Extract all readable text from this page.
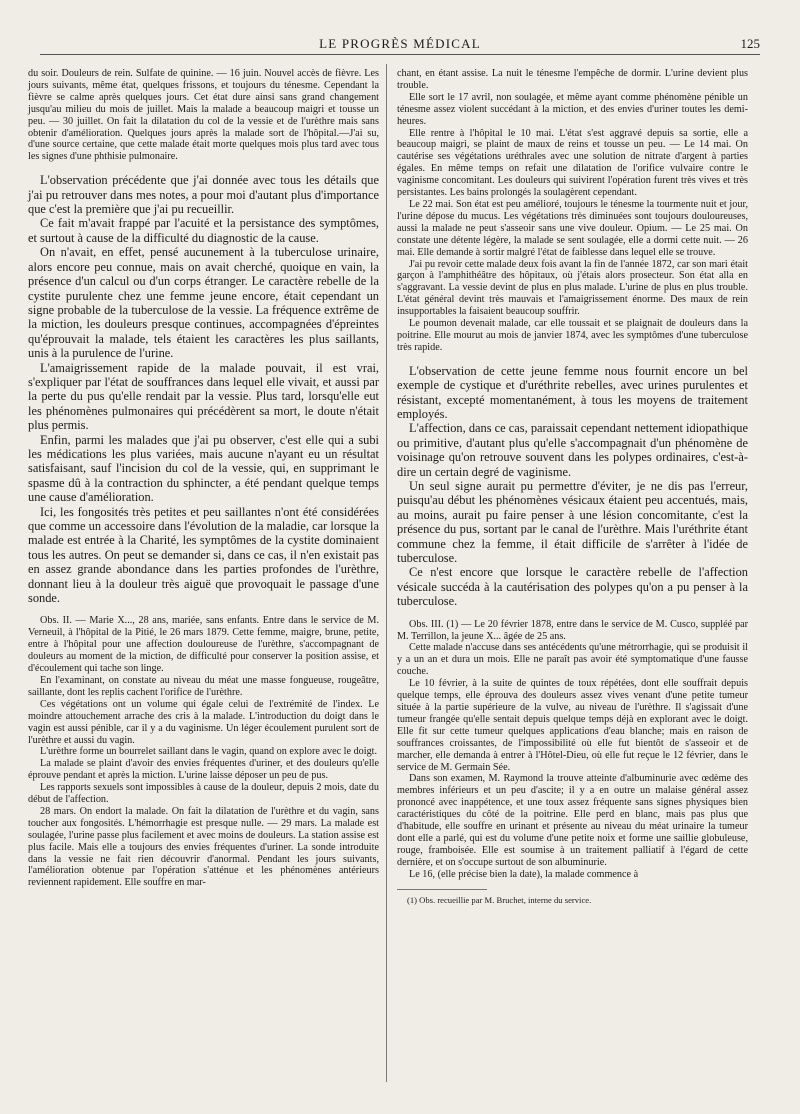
LE PROGRÈS MÉDICAL	125

du soir. Douleurs de rein. Sulfate de quinine. — 16 juin. Nouvel accès de fièvre. Les jours suivants, même état, quelques frissons, et toujours du ténesme. Cependant la fièvre se calme après quelques jours. Cet état dure ainsi sans grand changement jusqu'au milieu du mois de juillet. Mais la malade a beaucoup maigri et tousse un peu. — 30 juillet. On fait la dilatation du col de la vessie et de l'urèthre mais sans obtenir d'amélioration. Quelques jours après la malade sort de l'hôpital.—J'ai su, d'une source certaine, que cette malade était morte quelques mois plus tard avec tous les signes d'une phthisie pulmonaire.

L'observation précédente que j'ai donnée avec tous les détails que j'ai pu retrouver dans mes notes, a pour moi d'autant plus d'importance que c'est la première que j'ai pu recueillir.

Ce fait m'avait frappé par l'acuité et la persistance des symptômes, et surtout à cause de la difficulté du diagnostic de la cause.

On n'avait, en effet, pensé aucunement à la tuberculose urinaire, alors encore peu connue, mais on avait cherché, quoique en vain, la présence d'un calcul ou d'un corps étranger. Le caractère rebelle de la cystite purulente chez une femme jeune encore, était cependant un signe probable de la tuberculose de la vessie. La fréquence extrême de la miction, les douleurs presque continues, accompagnées d'épreintes qu'éprouvait la malade, tels étaient les caractères les plus saillants, unis à la purulence de l'urine.

L'amaigrissement rapide de la malade pouvait, il est vrai, s'expliquer par l'état de souffrances dans lequel elle vivait, et aussi par la perte du pus qu'elle rendait par la vessie. Plus tard, lorsqu'elle eut les phénomènes pulmonaires qui précédèrent sa mort, le doute n'était plus permis.

Enfin, parmi les malades que j'ai pu observer, c'est elle qui a subi les médications les plus variées, mais aucune n'ayant eu un résultat satisfaisant, sauf l'incision du col de la vessie, qui, en supprimant le spasme dû à la contraction du sphincter, a été pendant quelque temps une cause d'amélioration.

Ici, les fongosités très petites et peu saillantes n'ont été considérées que comme un accessoire dans l'évolution de la maladie, car lorsque la malade est entrée à la Charité, les symptômes de la cystite dominaient tous les autres. On peut se demander si, dans ce cas, il n'en existait pas en assez grande abondance dans les parties profondes de l'urèthre, donnant lieu à la douleur très aiguë que provoquait le passage d'une sonde.

Obs. II. — Marie X..., 28 ans, mariée, sans enfants. Entre dans le service de M. Verneuil, à l'hôpital de la Pitié, le 26 mars 1879. Cette femme, maigre, brune, petite, entre à l'hôpital pour une affection douloureuse de l'urèthre, s'accompagnant de douleurs au moment de la miction, de difficulté pour conserver la position assise, et d'écoulement qui tache son linge.

En l'examinant, on constate au niveau du méat une masse fongueuse, rougeâtre, saillante, dont les replis cachent l'orifice de l'urèthre.

Ces végétations ont un volume qui égale celui de l'extrémité de l'index. Le moindre attouchement arrache des cris à la malade. L'introduction du doigt dans le vagin est aussi pénible, car il y a du vaginisme. Un léger écoulement purulent sort de l'urèthre et aussi du vagin.

L'urèthre forme un bourrelet saillant dans le vagin, quand on explore avec le doigt.

La malade se plaint d'avoir des envies fréquentes d'uriner, et des douleurs qu'elle éprouve pendant et après la miction. L'urine laisse déposer un peu de pus.

Les rapports sexuels sont impossibles à cause de la douleur, depuis 2 mois, date du début de l'affection.

28 mars. On endort la malade. On fait la dilatation de l'urèthre et du vagin, sans toucher aux fongosités. L'hémorrhagie est presque nulle. — 29 mars. La malade est soulagée, l'urine passe plus facilement et avec moins de douleurs. La station assise est plus facile. Mais elle a toujours des envies fréquentes d'uriner. La sonde introduite dans la vessie ne fait rien découvrir d'anormal. Pendant les jours suivants, l'amélioration obtenue par l'opération s'atténue et les phénomènes antérieurs reviennent rapidement. Elle souffre en mar-

chant, en étant assise. La nuit le ténesme l'empêche de dormir. L'urine devient plus trouble.

Elle sort le 17 avril, non soulagée, et même ayant comme phénomène pénible un ténesme assez violent succédant à la miction, et des envies d'uriner toutes les demi-heures.

Elle rentre à l'hôpital le 10 mai. L'état s'est aggravé depuis sa sortie, elle a beaucoup maigri, se plaint de maux de reins et tousse un peu. — Le 14 mai. On cautérise ses végétations uréthrales avec une solution de nitrate d'argent à parties égales. En même temps on refait une dilatation de l'orifice vulvaire contre le vaginisme concomitant. Les douleurs qui suivirent l'opération furent très vives et très persistantes. Les bains prolongés la soulagèrent cependant.

Le 22 mai. Son état est peu amélioré, toujours le ténesme la tourmente nuit et jour, l'urine dépose du mucus. Les végétations très diminuées sont toujours douloureuses, aussi la malade ne peut s'asseoir sans une vive douleur. Opium. — Le 25 mai. On constate une détente légère, la malade se sent soulagée, elle a dormi cette nuit. — 26 mai. Elle demande à sortir malgré l'état de faiblesse dans lequel elle se trouve.

J'ai pu revoir cette malade deux fois avant la fin de l'année 1872, car son mari était garçon à l'amphithéâtre des hôpitaux, où j'étais alors prosecteur. Son état alla en s'aggravant. La vessie devint de plus en plus malade. L'urine de plus en plus trouble. L'état général devint très mauvais et l'amaigrissement énorme. Des maux de rein insupportables la faisaient beaucoup souffrir.

Le poumon devenait malade, car elle toussait et se plaignait de douleurs dans la poitrine. Elle mourut au mois de janvier 1874, avec les symptômes d'une tuberculose très rapide.

L'observation de cette jeune femme nous fournit encore un bel exemple de cystique et d'uréthrite rebelles, avec urines purulentes et résistant, excepté momentanément, à tous les moyens de traitement employés.

L'affection, dans ce cas, paraissait cependant nettement idiopathique ou primitive, d'autant plus qu'elle s'accompagnait d'un phénomène de voisinage qu'on retrouve souvent dans les polypes ordinaires, c'est-à-dire un certain degré de vaginisme.

Un seul signe aurait pu permettre d'éviter, je ne dis pas l'erreur, puisqu'au début les phénomènes vésicaux étaient peu accentués, mais, au moins, aurait pu faire penser à une lésion concomitante, c'est la présence du pus, sortant par le canal de l'urèthre. Mais l'uréthrite étant commune chez la femme, il était difficile de s'arrêter à l'idée de tuberculose.

Ce n'est encore que lorsque le caractère rebelle de l'affection vésicale succéda à la cautérisation des polypes qu'on a pu penser à la tuberculose.

Obs. III. (1) — Le 20 février 1878, entre dans le service de M. Cusco, suppléé par M. Terrillon, la jeune X... âgée de 25 ans.

Cette malade n'accuse dans ses antécédents qu'une métrorrhagie, qui se produisit il y a un an et dura un mois. Elle ne paraît pas avoir été symptomatique d'une fausse couche.

Le 10 février, à la suite de quintes de toux répétées, dont elle souffrait depuis quelque temps, elle éprouva des douleurs assez vives venant d'une petite tumeur située à la partie supérieure de la vulve, au niveau de l'urèthre. Il s'agissait d'une tumeur frangée qu'elle sentait depuis quelque temps déjà en explorant avec le doigt. Elle fit sur cette tumeur quelques applications d'eau blanche; mais en raison de souffrances croissantes, de l'impossibilité où elle fut bientôt de s'asseoir et de marcher, elle demanda à entrer à l'Hôtel-Dieu, où elle fut reçue le 12 février, dans le service de M. Germain Sée.

Dans son examen, M. Raymond la trouve atteinte d'albuminurie avec œdème des membres inférieurs et un peu d'ascite; il y a en outre un malaise général assez prononcé avec inappétence, et une toux assez fréquente sans signes physiques bien caractéristiques du côté de la poitrine. Elle perd en blanc, mais pas plus que d'habitude, elle souffre en urinant et présente au niveau du méat urinaire la tumeur dont elle a parlé, qui est du volume d'une petite noix et forme une saillie globuleuse, rouge, framboisée. Elle est soumise à un traitement palliatif à l'égard de cette dernière, et on s'occupe surtout de son albuminurie.

Le 16, (elle précise bien la date), la malade commence à

(1) Obs. recueillie par M. Bruchet, interne du service.
